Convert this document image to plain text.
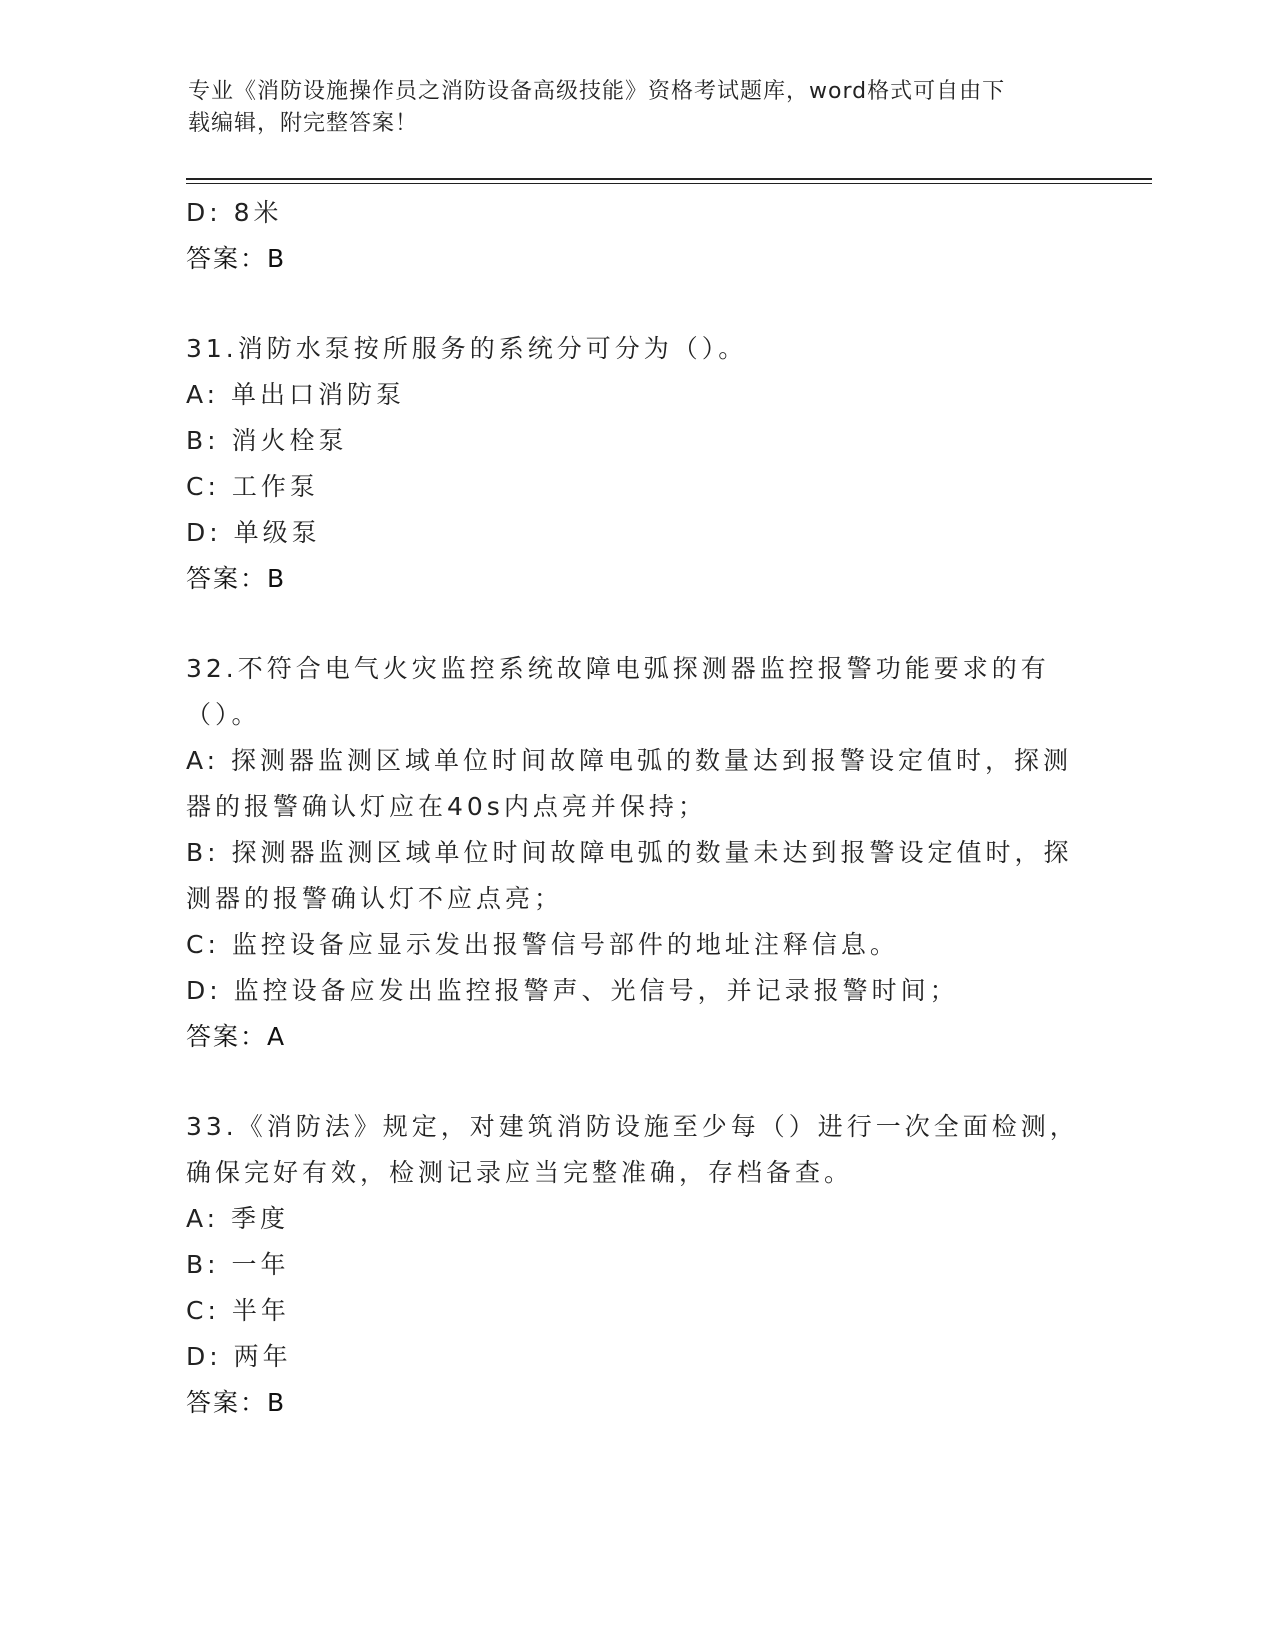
专业《消防设施操作员之消防设备高级技能》资格考试题库，word格式可自由下
载编辑，附完整答案！
D: 8米
答案：B
31.消防水泵按所服务的系统分可分为（）。
A: 单出口消防泵
B: 消火栓泵
C: 工作泵
D: 单级泵
答案：B
32.不符合电气火灾监控系统故障电弧探测器监控报警功能要求的有（）。
A: 探测器监测区域单位时间故障电弧的数量达到报警设定值时，探测器的报警确认灯应在40s内点亮并保持；
B: 探测器监测区域单位时间故障电弧的数量未达到报警设定值时，探测器的报警确认灯不应点亮；
C: 监控设备应显示发出报警信号部件的地址注释信息。
D: 监控设备应发出监控报警声、光信号，并记录报警时间；
答案：A
33.《消防法》规定，对建筑消防设施至少每（）进行一次全面检测，确保完好有效，检测记录应当完整准确，存档备查。
A: 季度
B: 一年
C: 半年
D: 两年
答案：B
